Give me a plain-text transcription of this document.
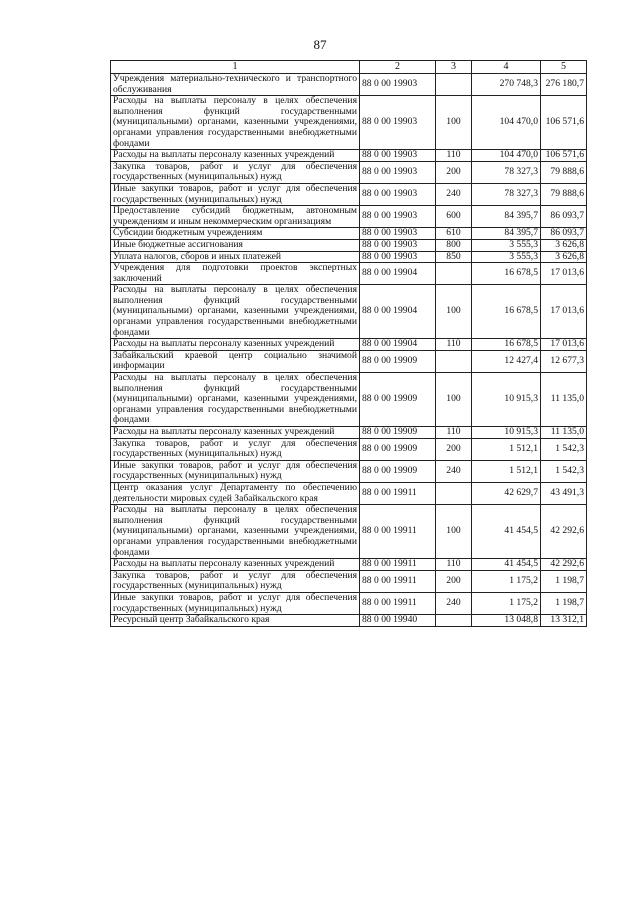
87
1	2	3	4	5
Учреждения материально-технического и транспортного обслуживания	88 0 00 19903		270 748,3	276 180,7
Расходы на выплаты персоналу в целях обеспечения выполнения функций государственными (муниципальными) органами, казенными учреждениями, органами управления государственными внебюджетными фондами	88 0 00 19903	100	104 470,0	106 571,6
Расходы на выплаты персоналу казенных учреждений	88 0 00 19903	110	104 470,0	106 571,6
Закупка товаров, работ и услуг для обеспечения государственных (муниципальных) нужд	88 0 00 19903	200	78 327,3	79 888,6
Иные закупки товаров, работ и услуг для обеспечения государственных (муниципальных) нужд	88 0 00 19903	240	78 327,3	79 888,6
Предоставление субсидий бюджетным, автономным учреждениям и иным некоммерческим организациям	88 0 00 19903	600	84 395,7	86 093,7
Субсидии бюджетным учреждениям	88 0 00 19903	610	84 395,7	86 093,7
Иные бюджетные ассигнования	88 0 00 19903	800	3 555,3	3 626,8
Уплата налогов, сборов и иных платежей	88 0 00 19903	850	3 555,3	3 626,8
Учреждения для подготовки проектов экспертных заключений	88 0 00 19904		16 678,5	17 013,6
Расходы на выплаты персоналу в целях обеспечения выполнения функций государственными (муниципальными) органами, казенными учреждениями, органами управления государственными внебюджетными фондами	88 0 00 19904	100	16 678,5	17 013,6
Расходы на выплаты персоналу казенных учреждений	88 0 00 19904	110	16 678,5	17 013,6
Забайкальский краевой центр социально значимой информации	88 0 00 19909		12 427,4	12 677,3
Расходы на выплаты персоналу в целях обеспечения выполнения функций государственными (муниципальными) органами, казенными учреждениями, органами управления государственными внебюджетными фондами	88 0 00 19909	100	10 915,3	11 135,0
Расходы на выплаты персоналу казенных учреждений	88 0 00 19909	110	10 915,3	11 135,0
Закупка товаров, работ и услуг для обеспечения государственных (муниципальных) нужд	88 0 00 19909	200	1 512,1	1 542,3
Иные закупки товаров, работ и услуг для обеспечения государственных (муниципальных) нужд	88 0 00 19909	240	1 512,1	1 542,3
Центр оказания услуг Департаменту по обеспечению деятельности мировых судей Забайкальского края	88 0 00 19911		42 629,7	43 491,3
Расходы на выплаты персоналу в целях обеспечения выполнения функций государственными (муниципальными) органами, казенными учреждениями, органами управления государственными внебюджетными фондами	88 0 00 19911	100	41 454,5	42 292,6
Расходы на выплаты персоналу казенных учреждений	88 0 00 19911	110	41 454,5	42 292,6
Закупка товаров, работ и услуг для обеспечения государственных (муниципальных) нужд	88 0 00 19911	200	1 175,2	1 198,7
Иные закупки товаров, работ и услуг для обеспечения государственных (муниципальных) нужд	88 0 00 19911	240	1 175,2	1 198,7
Ресурсный центр Забайкальского края	88 0 00 19940		13 048,8	13 312,1
